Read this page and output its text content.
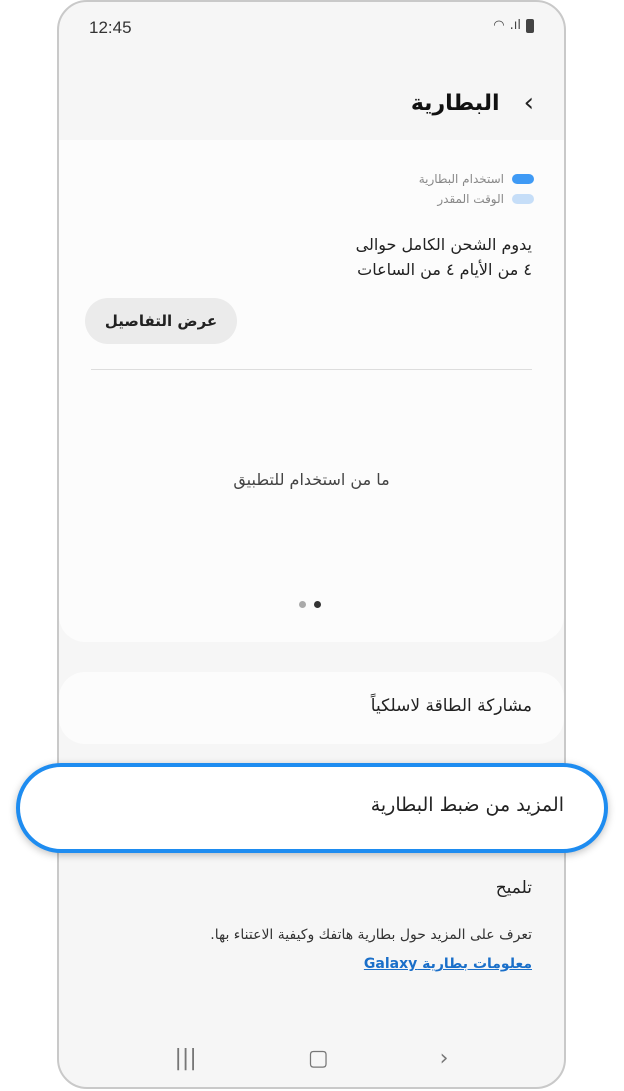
12:45	◠ .ıl
البطارية ‹
استخدام البطارية
الوقت المقدر
يدوم الشحن الكامل حوالى
٤ من الأيام ٤ من الساعات
عرض التفاصيل
ما من استخدام للتطبيق
مشاركة الطاقة لاسلكياً
تلميح
تعرف على المزيد حول بطارية هاتفك وكيفية الاعتناء بها.
معلومات بطارية Galaxy
|||	▢	›
المزيد من ضبط البطارية
